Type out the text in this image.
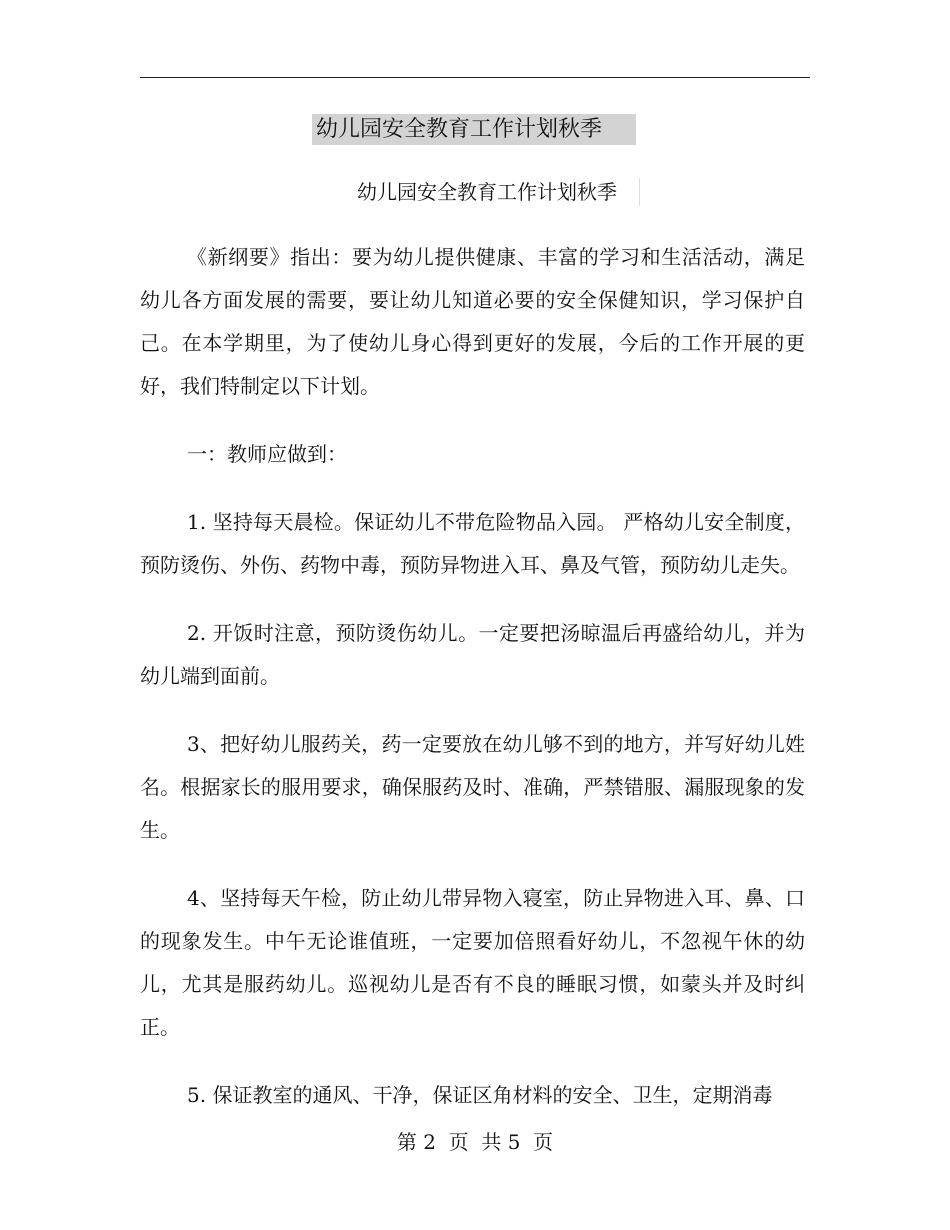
幼儿园安全教育工作计划秋季
幼儿园安全教育工作计划秋季

《新纲要》指出：要为幼儿提供健康、丰富的学习和生活活动，满足幼儿各方面发展的需要，要让幼儿知道必要的安全保健知识，学习保护自己。在本学期里，为了使幼儿身心得到更好的发展，今后的工作开展的更好，我们特制定以下计划。

一：教师应做到：

1. 坚持每天晨检。保证幼儿不带危险物品入园。 严格幼儿安全制度，预防烫伤、外伤、药物中毒，预防异物进入耳、鼻及气管，预防幼儿走失。

2. 开饭时注意，预防烫伤幼儿。一定要把汤晾温后再盛给幼儿，并为幼儿端到面前。

3、把好幼儿服药关，药一定要放在幼儿够不到的地方，并写好幼儿姓名。根据家长的服用要求，确保服药及时、准确，严禁错服、漏服现象的发生。

4、坚持每天午检，防止幼儿带异物入寝室，防止异物进入耳、鼻、口的现象发生。中午无论谁值班，一定要加倍照看好幼儿，不忽视午休的幼儿，尤其是服药幼儿。巡视幼儿是否有不良的睡眠习惯，如蒙头并及时纠正。

5. 保证教室的通风、干净，保证区角材料的安全、卫生，定期消毒

第 2  页  共 5  页
